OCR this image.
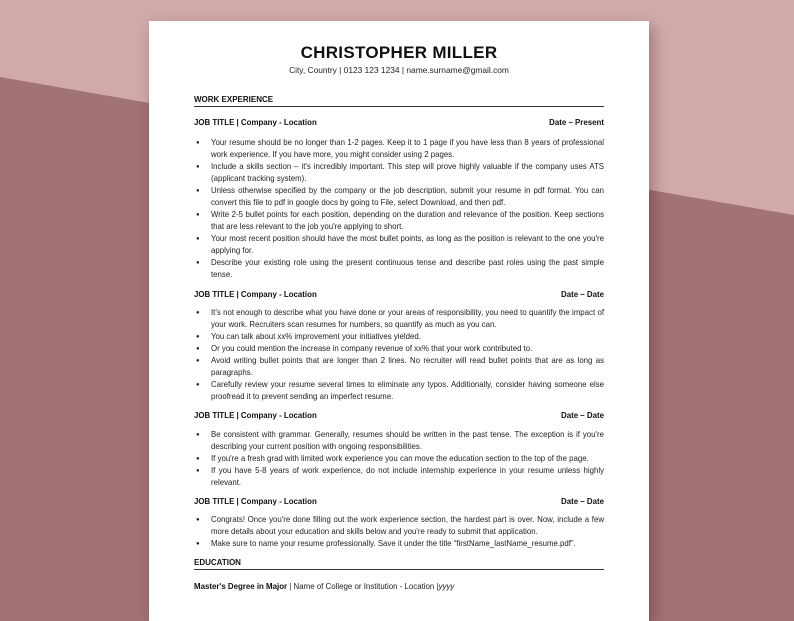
CHRISTOPHER MILLER
City, Country | 0123 123 1234 | name.surname@gmail.com
WORK EXPERIENCE
JOB TITLE | Company - Location	Date – Present
● Your resume should be no longer than 1-2 pages. Keep it to 1 page if you have less than 8 years of professional work experience. If you have more, you might consider using 2 pages.
● Include a skills section – it's incredibly important. This step will prove highly valuable if the company uses ATS (applicant tracking system).
● Unless otherwise specified by the company or the job description, submit your resume in pdf format. You can convert this file to pdf in google docs by going to File, select Download, and then pdf.
● Write 2-5 bullet points for each position, depending on the duration and relevance of the position. Keep sections that are less relevant to the job you're applying to short.
● Your most recent position should have the most bullet points, as long as the position is relevant to the one you're applying for.
● Describe your existing role using the present continuous tense and describe past roles using the past simple tense.
JOB TITLE | Company - Location	Date – Date
● It's not enough to describe what you have done or your areas of responsibility, you need to quantify the impact of your work. Recruiters scan resumes for numbers, so quantify as much as you can.
● You can talk about xx% improvement your initiatives yielded.
● Or you could mention the increase in company revenue of xx% that your work contributed to.
● Avoid writing bullet points that are longer than 2 lines. No recruiter will read bullet points that are as long as paragraphs.
● Carefully review your resume several times to eliminate any typos. Additionally, consider having someone else proofread it to prevent sending an imperfect resume.
JOB TITLE | Company - Location	Date – Date
● Be consistent with grammar. Generally, resumes should be written in the past tense. The exception is if you're describing your current position with ongoing responsibilities.
● If you're a fresh grad with limited work experience you can move the education section to the top of the page.
● If you have 5-8 years of work experience, do not include internship experience in your resume unless highly relevant.
JOB TITLE | Company - Location	Date – Date
● Congrats! Once you're done filling out the work experience section, the hardest part is over. Now, include a few more details about your education and skills below and you're ready to submit that application.
● Make sure to name your resume professionally. Save it under the title “firstName_lastName_resume.pdf”.
EDUCATION
Master's Degree in Major | Name of College or Institution - Location |yyyy
